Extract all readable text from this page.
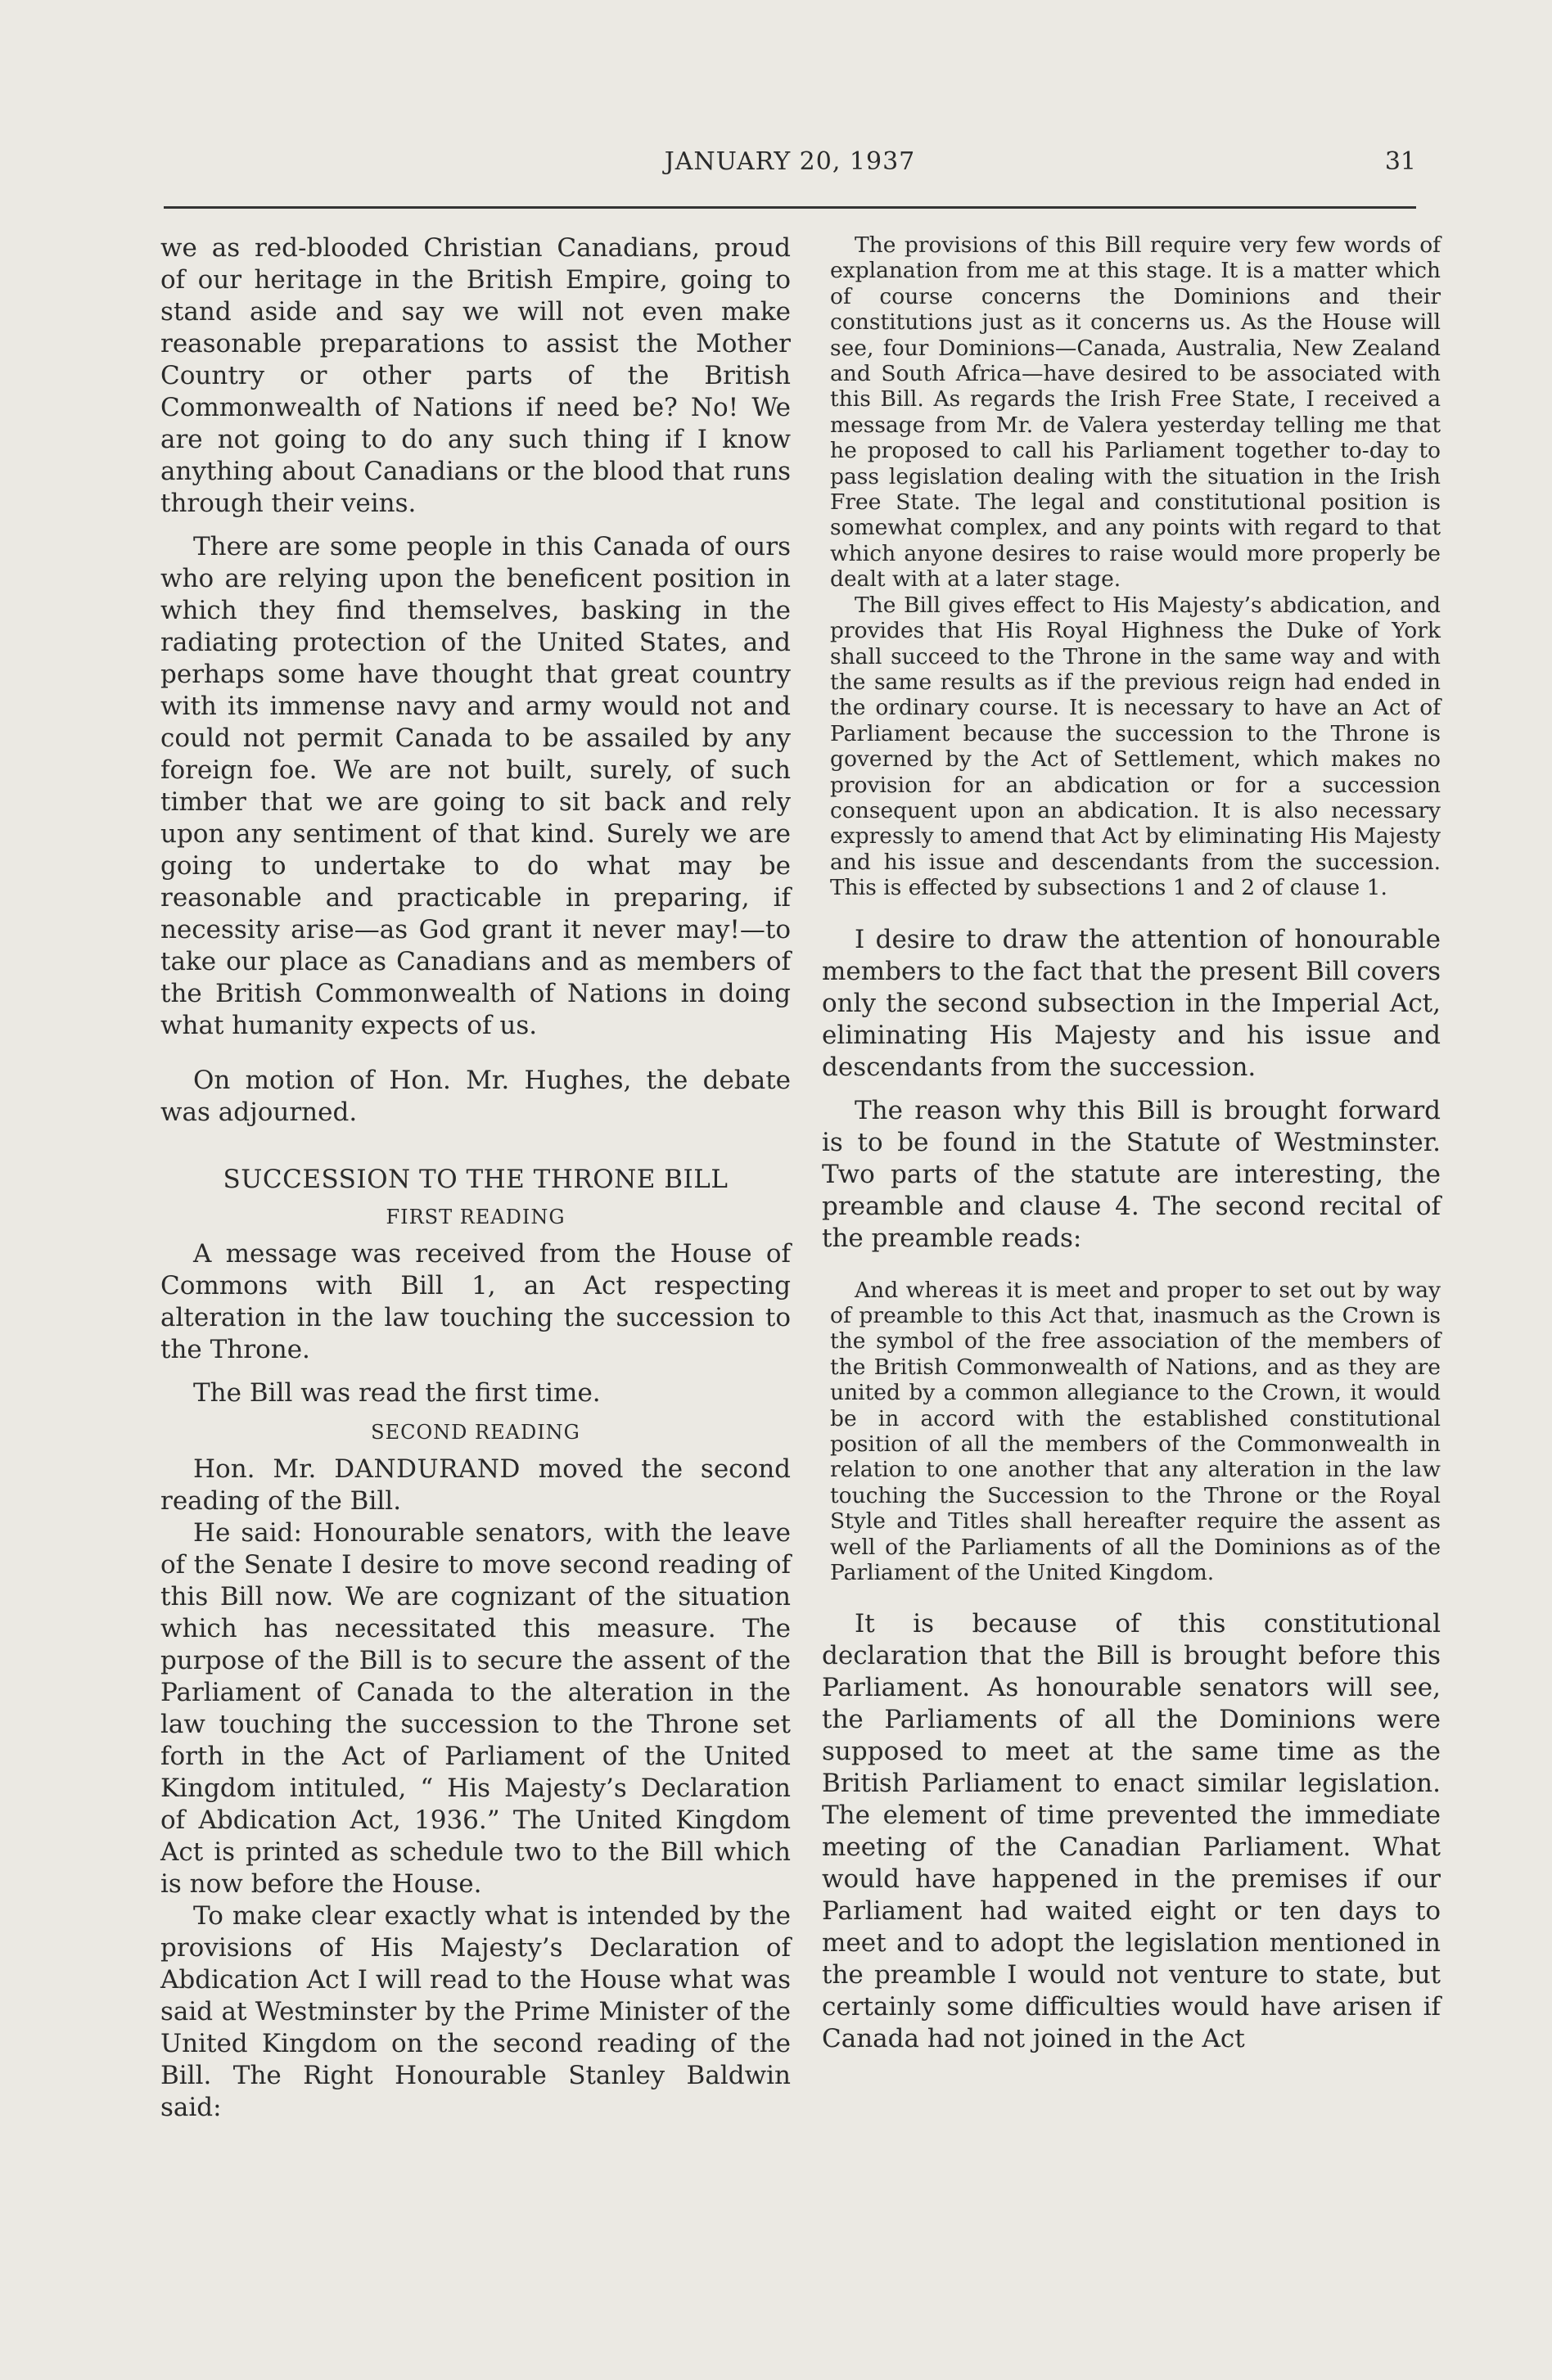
JANUARY 20, 1937	31

we as red-blooded Christian Canadians, proud of our heritage in the British Empire, going to stand aside and say we will not even make reasonable preparations to assist the Mother Country or other parts of the British Commonwealth of Nations if need be? No! We are not going to do any such thing if I know anything about Canadians or the blood that runs through their veins.

There are some people in this Canada of ours who are relying upon the beneficent position in which they find themselves, basking in the radiating protection of the United States, and perhaps some have thought that great country with its immense navy and army would not and could not permit Canada to be assailed by any foreign foe. We are not built, surely, of such timber that we are going to sit back and rely upon any sentiment of that kind. Surely we are going to undertake to do what may be reasonable and practicable in preparing, if necessity arise—as God grant it never may!—to take our place as Canadians and as members of the British Commonwealth of Nations in doing what humanity expects of us.

On motion of Hon. Mr. Hughes, the debate was adjourned.

SUCCESSION TO THE THRONE BILL
FIRST READING

A message was received from the House of Commons with Bill 1, an Act respecting alteration in the law touching the succession to the Throne.

The Bill was read the first time.

SECOND READING

Hon. Mr. DANDURAND moved the second reading of the Bill.

He said: Honourable senators, with the leave of the Senate I desire to move second reading of this Bill now. We are cognizant of the situation which has necessitated this measure. The purpose of the Bill is to secure the assent of the Parliament of Canada to the alteration in the law touching the succession to the Throne set forth in the Act of Parliament of the United Kingdom intituled, “ His Majesty’s Declaration of Abdication Act, 1936.” The United Kingdom Act is printed as schedule two to the Bill which is now before the House.

To make clear exactly what is intended by the provisions of His Majesty’s Declaration of Abdication Act I will read to the House what was said at Westminster by the Prime Minister of the United Kingdom on the second reading of the Bill. The Right Honourable Stanley Baldwin said:

The provisions of this Bill require very few words of explanation from me at this stage. It is a matter which of course concerns the Dominions and their constitutions just as it concerns us. As the House will see, four Dominions—Canada, Australia, New Zealand and South Africa—have desired to be associated with this Bill. As regards the Irish Free State, I received a message from Mr. de Valera yesterday telling me that he proposed to call his Parliament together to-day to pass legislation dealing with the situation in the Irish Free State. The legal and constitutional position is somewhat complex, and any points with regard to that which anyone desires to raise would more properly be dealt with at a later stage.

The Bill gives effect to His Majesty’s abdication, and provides that His Royal Highness the Duke of York shall succeed to the Throne in the same way and with the same results as if the previous reign had ended in the ordinary course. It is necessary to have an Act of Parliament because the succession to the Throne is governed by the Act of Settlement, which makes no provision for an abdication or for a succession consequent upon an abdication. It is also necessary expressly to amend that Act by eliminating His Majesty and his issue and descendants from the succession. This is effected by subsections 1 and 2 of clause 1.

I desire to draw the attention of honourable members to the fact that the present Bill covers only the second subsection in the Imperial Act, eliminating His Majesty and his issue and descendants from the succession.

The reason why this Bill is brought forward is to be found in the Statute of Westminster. Two parts of the statute are interesting, the preamble and clause 4. The second recital of the preamble reads:

And whereas it is meet and proper to set out by way of preamble to this Act that, inasmuch as the Crown is the symbol of the free association of the members of the British Commonwealth of Nations, and as they are united by a common allegiance to the Crown, it would be in accord with the established constitutional position of all the members of the Commonwealth in relation to one another that any alteration in the law touching the Succession to the Throne or the Royal Style and Titles shall hereafter require the assent as well of the Parliaments of all the Dominions as of the Parliament of the United Kingdom.

It is because of this constitutional declaration that the Bill is brought before this Parliament. As honourable senators will see, the Parliaments of all the Dominions were supposed to meet at the same time as the British Parliament to enact similar legislation. The element of time prevented the immediate meeting of the Canadian Parliament. What would have happened in the premises if our Parliament had waited eight or ten days to meet and to adopt the legislation mentioned in the preamble I would not venture to state, but certainly some difficulties would have arisen if Canada had not joined in the Act
